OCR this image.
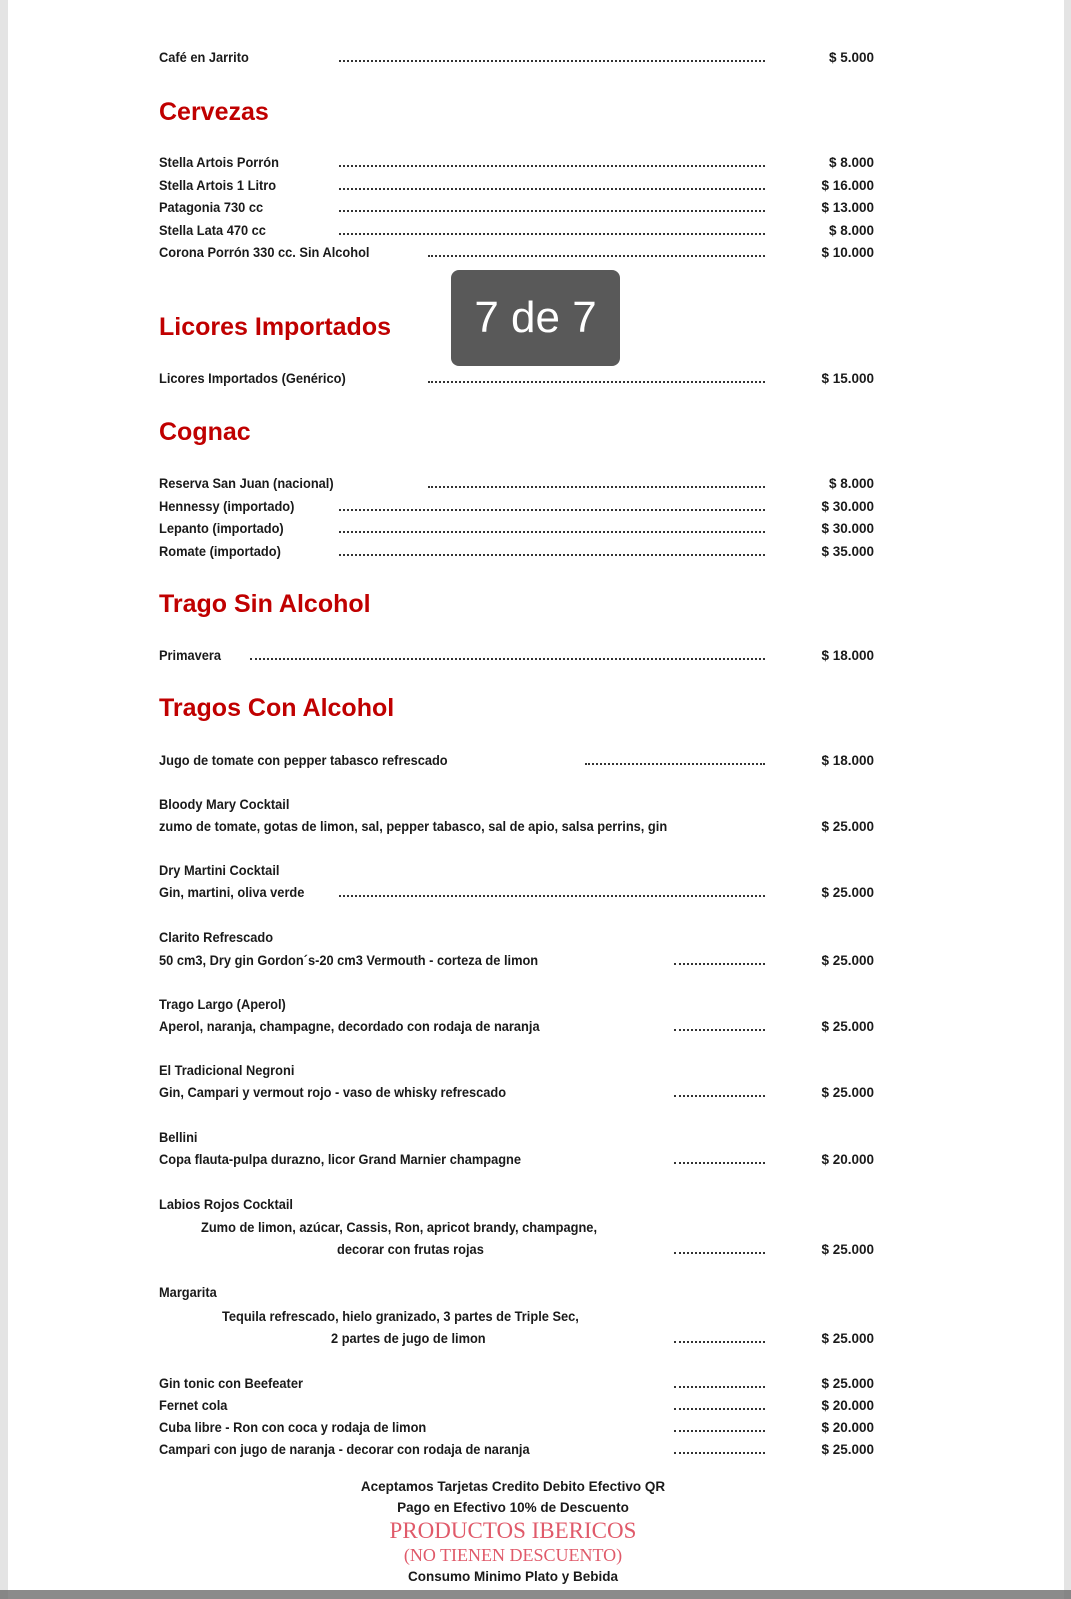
Aceptamos Tarjetas Credito Debito Efectivo QR
Pago en Efectivo 10% de Descuento
PRODUCTOS IBERICOS
(NO TIENEN DESCUENTO)
Consumo Minimo Plato y Bebida
Café en Jarrito	$ 5.000
Cervezas
Stella Artois Porrón	$ 8.000
Stella Artois 1 Litro	$ 16.000
Patagonia 730 cc	$ 13.000
Stella Lata 470 cc	$ 8.000
Corona Porrón 330 cc. Sin Alcohol	$ 10.000
Licores Importados
Licores Importados (Genérico)	$ 15.000
Cognac
Reserva San Juan (nacional)	$ 8.000
Hennessy (importado)	$ 30.000
Lepanto (importado)	$ 30.000
Romate (importado)	$ 35.000
Trago Sin Alcohol
Primavera	$ 18.000
Tragos Con Alcohol
Jugo de tomate con pepper tabasco refrescado	$ 18.000
Bloody Mary Cocktail
zumo de tomate, gotas de limon, sal, pepper tabasco, sal de apio, salsa perrins, gin	$ 25.000
Dry Martini Cocktail
Gin, martini, oliva verde	$ 25.000
Clarito Refrescado
50 cm3, Dry gin Gordon´s-20 cm3 Vermouth - corteza de limon	$ 25.000
Trago Largo (Aperol)
Aperol, naranja, champagne, decordado con rodaja de naranja	$ 25.000
El Tradicional Negroni
Gin, Campari y vermout rojo - vaso de whisky refrescado	$ 25.000
Bellini
Copa flauta-pulpa durazno, licor Grand Marnier champagne	$ 20.000
Labios Rojos Cocktail
Zumo de limon, azúcar, Cassis, Ron, apricot brandy, champagne,
decorar con frutas rojas	$ 25.000
Margarita
Tequila refrescado, hielo granizado, 3 partes de Triple Sec,
2 partes de jugo de limon	$ 25.000
Gin tonic con Beefeater	$ 25.000
Fernet cola	$ 20.000
Cuba libre - Ron con coca y rodaja de limon	$ 20.000
Campari con jugo de naranja - decorar con rodaja de naranja	$ 25.000
7 de 7
